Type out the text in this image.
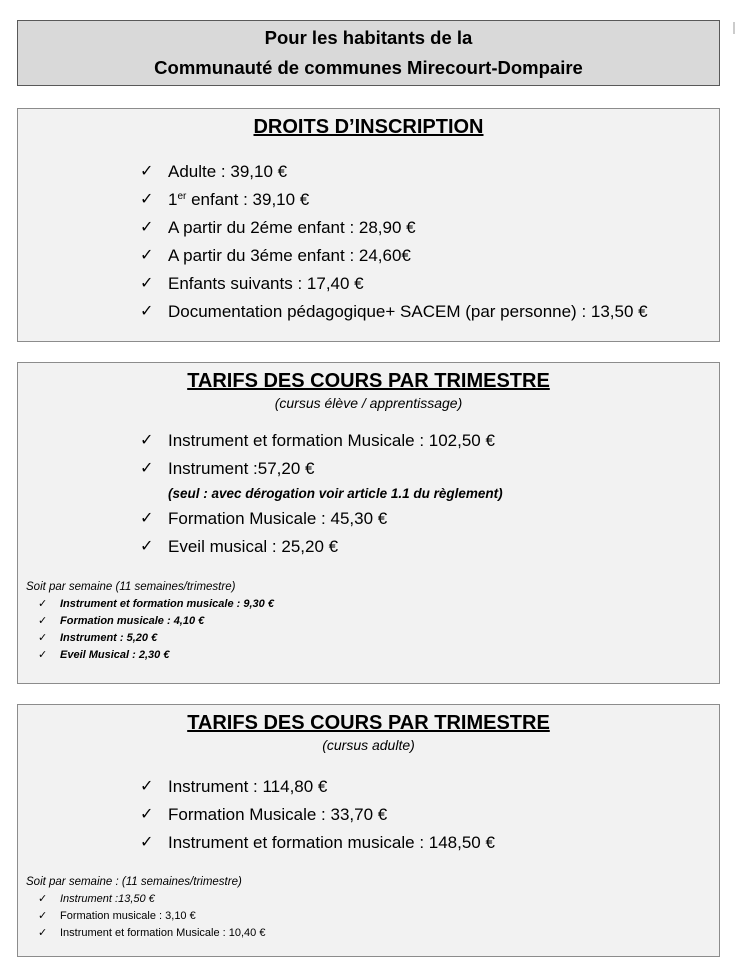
Pour les habitants de la
Communauté de communes Mirecourt-Dompaire
DROITS D’INSCRIPTION
✓ Adulte : 39,10 €
✓ 1er enfant : 39,10 €
✓ A partir du 2éme enfant : 28,90 €
✓ A partir du 3éme enfant : 24,60€
✓ Enfants suivants : 17,40 €
✓ Documentation pédagogique+ SACEM (par personne) : 13,50 €
TARIFS DES COURS PAR TRIMESTRE
(cursus élève / apprentissage)
✓ Instrument et formation Musicale : 102,50 €
✓ Instrument :57,20 €
(seul : avec dérogation voir article 1.1 du règlement)
✓ Formation Musicale : 45,30 €
✓ Eveil musical : 25,20 €
Soit par semaine (11 semaines/trimestre)
✓ Instrument et formation musicale : 9,30 €
✓ Formation musicale : 4,10 €
✓ Instrument : 5,20 €
✓ Eveil Musical : 2,30 €
TARIFS DES COURS PAR TRIMESTRE
(cursus adulte)
✓ Instrument : 114,80 €
✓ Formation Musicale : 33,70 €
✓ Instrument et formation musicale : 148,50 €
Soit par semaine : (11 semaines/trimestre)
✓ Instrument :13,50 €
✓ Formation musicale : 3,10 €
✓ Instrument et formation Musicale : 10,40 €
